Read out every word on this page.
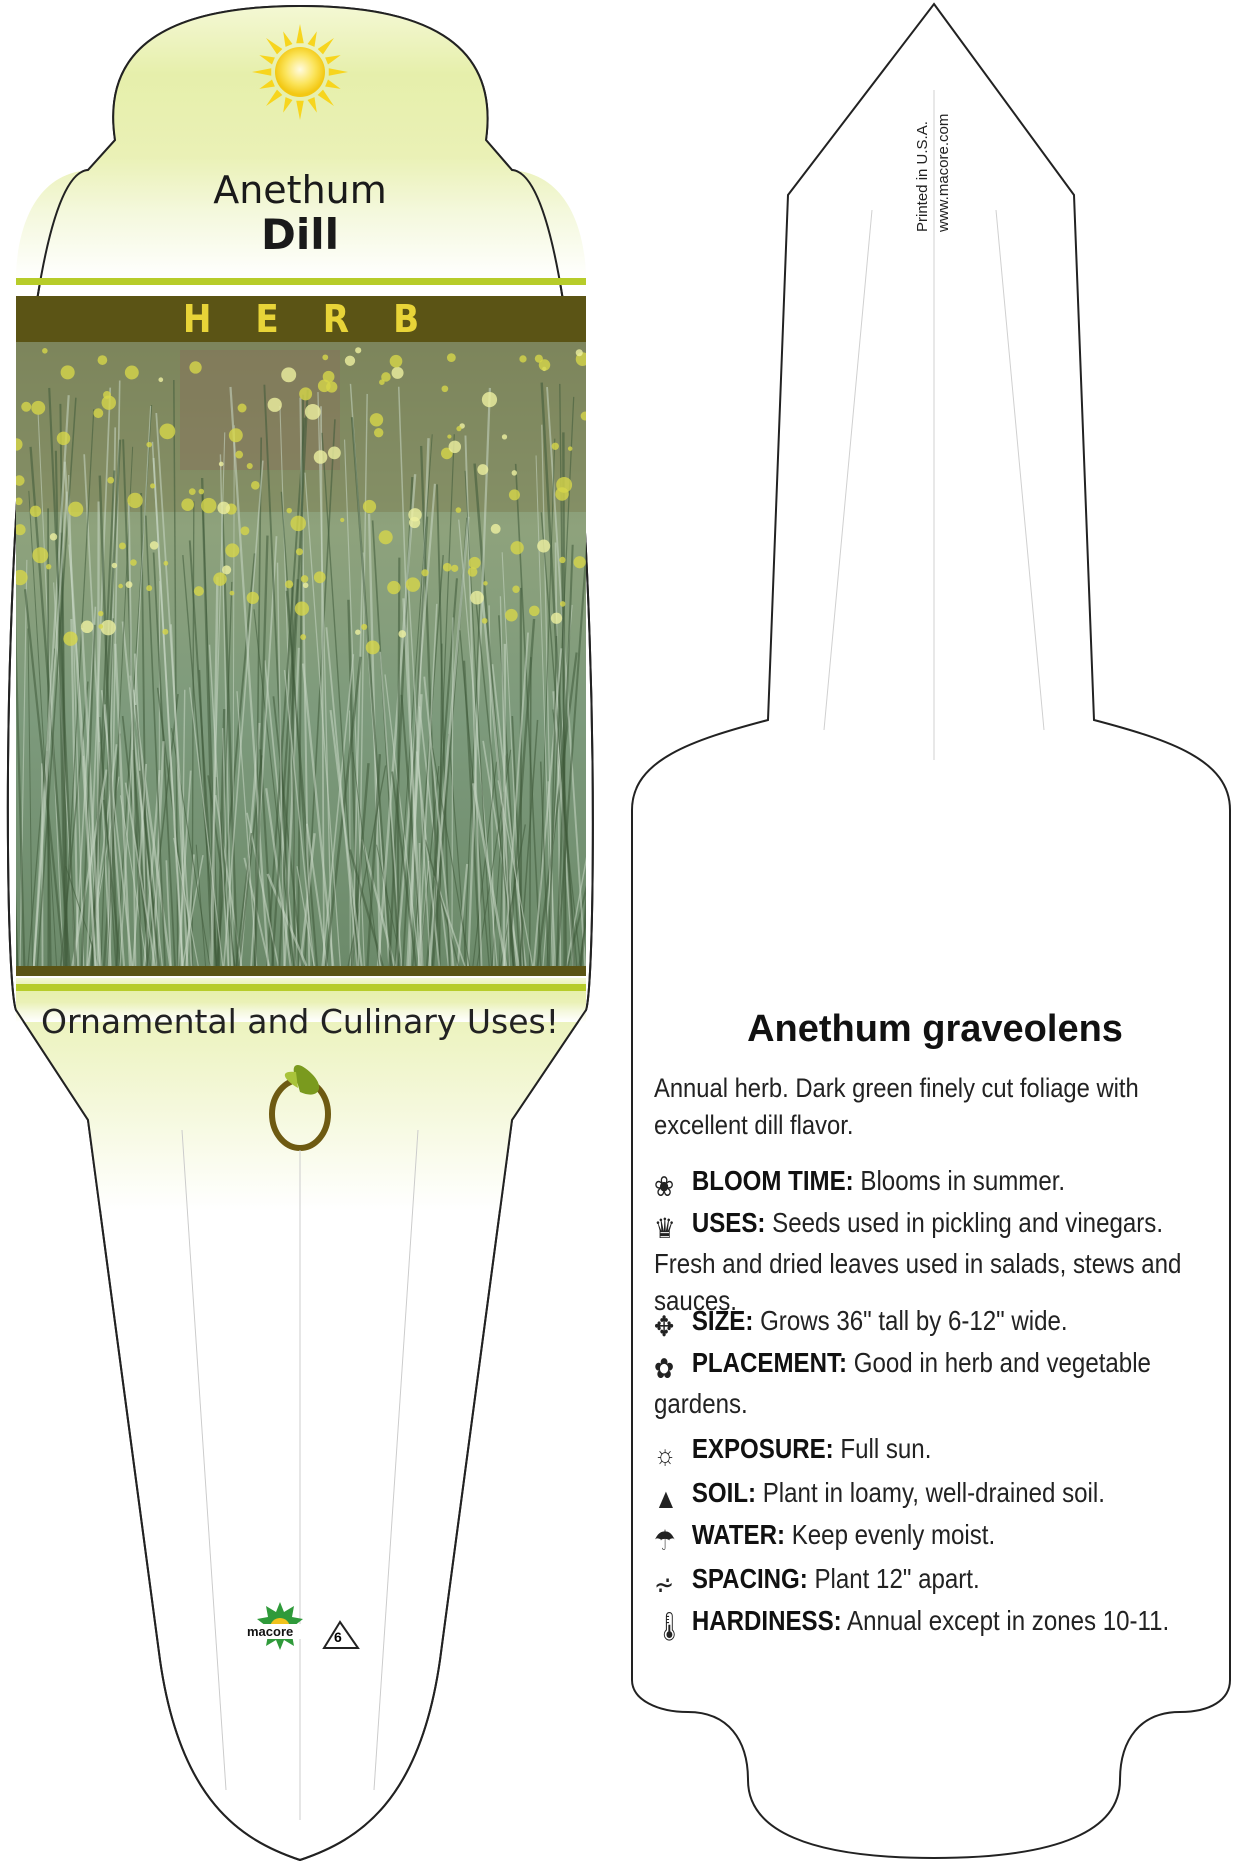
Anethum
Dill
HERB
Ornamental and Culinary Uses!
macore	6
Printed in U.S.A. www.macore.com
Anethum graveolens
Annual herb. Dark green finely cut foliage with excellent dill flavor.
❀ BLOOM TIME: Blooms in summer.
♛ USES: Seeds used in pickling and vinegars. Fresh and dried leaves used in salads, stews and sauces.
✥ SIZE: Grows 36" tall by 6-12" wide.
✿ PLACEMENT: Good in herb and vegetable gardens.
☼ EXPOSURE: Full sun.
▲ SOIL: Plant in loamy, well-drained soil.
☂ WATER: Keep evenly moist.
⩫ SPACING: Plant 12" apart.
🌡 HARDINESS: Annual except in zones 10-11.
